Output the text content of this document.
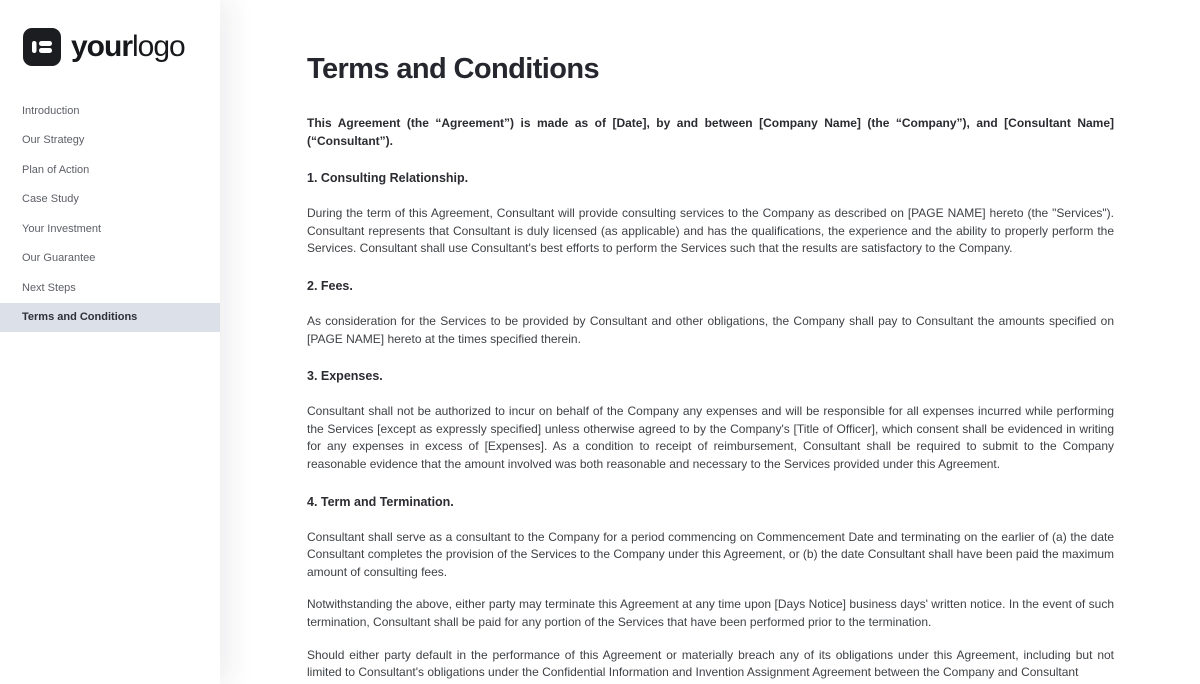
yourlogo
Introduction
Our Strategy
Plan of Action
Case Study
Your Investment
Our Guarantee
Next Steps
Terms and Conditions
Terms and Conditions

This Agreement (the “Agreement”) is made as of [Date], by and between [Company Name] (the “Company”), and [Consultant Name] (“Consultant”).

1. Consulting Relationship.

During the term of this Agreement, Consultant will provide consulting services to the Company as described on [PAGE NAME] hereto (the "Services"). Consultant represents that Consultant is duly licensed (as applicable) and has the qualifications, the experience and the ability to properly perform the Services. Consultant shall use Consultant's best efforts to perform the Services such that the results are satisfactory to the Company.

2. Fees.

As consideration for the Services to be provided by Consultant and other obligations, the Company shall pay to Consultant the amounts specified on [PAGE NAME] hereto at the times specified therein.

3. Expenses.

Consultant shall not be authorized to incur on behalf of the Company any expenses and will be responsible for all expenses incurred while performing the Services [except as expressly specified] unless otherwise agreed to by the Company's [Title of Officer], which consent shall be evidenced in writing for any expenses in excess of [Expenses]. As a condition to receipt of reimbursement, Consultant shall be required to submit to the Company reasonable evidence that the amount involved was both reasonable and necessary to the Services provided under this Agreement.

4. Term and Termination.

Consultant shall serve as a consultant to the Company for a period commencing on Commencement Date and terminating on the earlier of (a) the date Consultant completes the provision of the Services to the Company under this Agreement, or (b) the date Consultant shall have been paid the maximum amount of consulting fees.

Notwithstanding the above, either party may terminate this Agreement at any time upon [Days Notice] business days' written notice. In the event of such termination, Consultant shall be paid for any portion of the Services that have been performed prior to the termination.

Should either party default in the performance of this Agreement or materially breach any of its obligations under this Agreement, including but not limited to Consultant's obligations under the Confidential Information and Invention Assignment Agreement between the Company and Consultant
